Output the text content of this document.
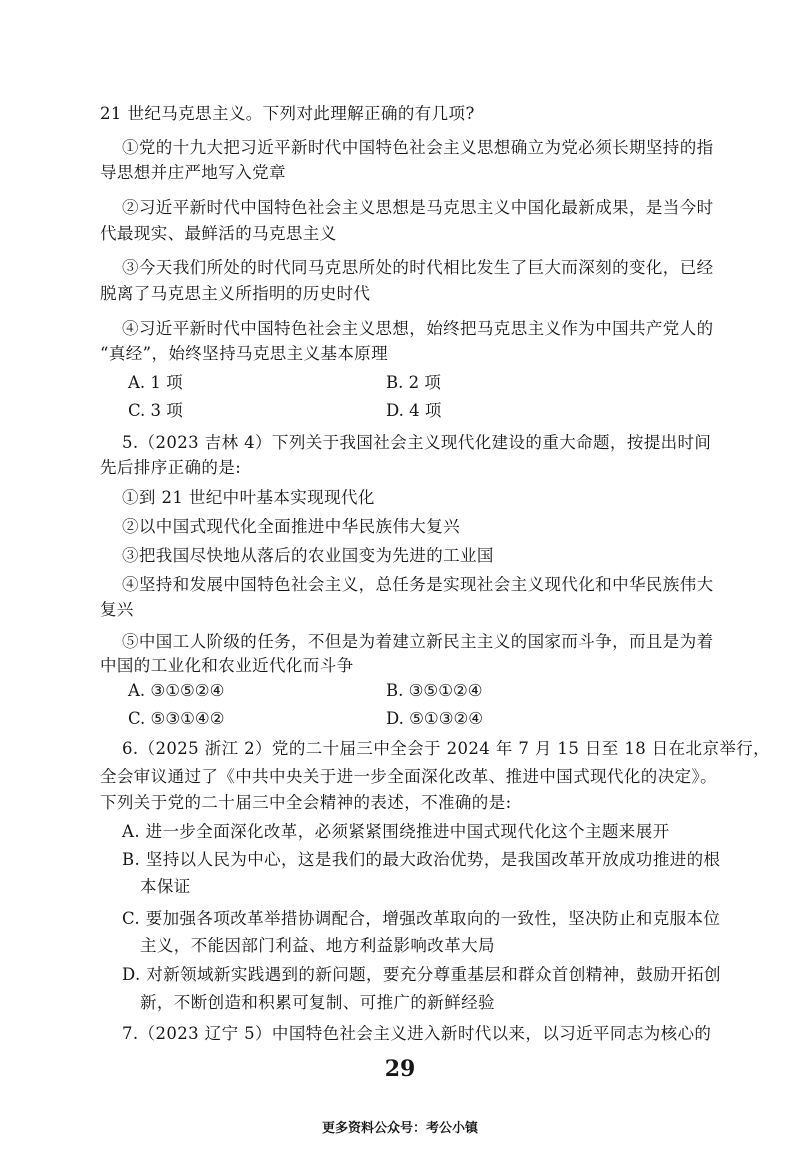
21 世纪马克思主义。下列对此理解正确的有几项?
①党的十九大把习近平新时代中国特色社会主义思想确立为党必须长期坚持的指
导思想并庄严地写入党章
②习近平新时代中国特色社会主义思想是马克思主义中国化最新成果，是当今时
代最现实、最鲜活的马克思主义
③今天我们所处的时代同马克思所处的时代相比发生了巨大而深刻的变化，已经
脱离了马克思主义所指明的历史时代
④习近平新时代中国特色社会主义思想，始终把马克思主义作为中国共产党人的
“真经”，始终坚持马克思主义基本原理
A. 1 项	B. 2 项
C. 3 项	D. 4 项
5.（2023 吉林 4）下列关于我国社会主义现代化建设的重大命题，按提出时间
先后排序正确的是:
①到 21 世纪中叶基本实现现代化
②以中国式现代化全面推进中华民族伟大复兴
③把我国尽快地从落后的农业国变为先进的工业国
④坚持和发展中国特色社会主义，总任务是实现社会主义现代化和中华民族伟大
复兴
⑤中国工人阶级的任务，不但是为着建立新民主主义的国家而斗争，而且是为着
中国的工业化和农业近代化而斗争
A. ③①⑤②④	B. ③⑤①②④
C. ⑤③①④②	D. ⑤①③②④
6.（2025 浙江 2）党的二十届三中全会于 2024 年 7 月 15 日至 18 日在北京举行，
全会审议通过了《中共中央关于进一步全面深化改革、推进中国式现代化的决定》。
下列关于党的二十届三中全会精神的表述，不准确的是:
A. 进一步全面深化改革，必须紧紧围绕推进中国式现代化这个主题来展开
B. 坚持以人民为中心，这是我们的最大政治优势，是我国改革开放成功推进的根
本保证
C. 要加强各项改革举措协调配合，增强改革取向的一致性，坚决防止和克服本位
主义，不能因部门利益、地方利益影响改革大局
D. 对新领域新实践遇到的新问题，要充分尊重基层和群众首创精神，鼓励开拓创
新，不断创造和积累可复制、可推广的新鲜经验
7.（2023 辽宁 5）中国特色社会主义进入新时代以来，以习近平同志为核心的
29
更多资料公众号：考公小镇
